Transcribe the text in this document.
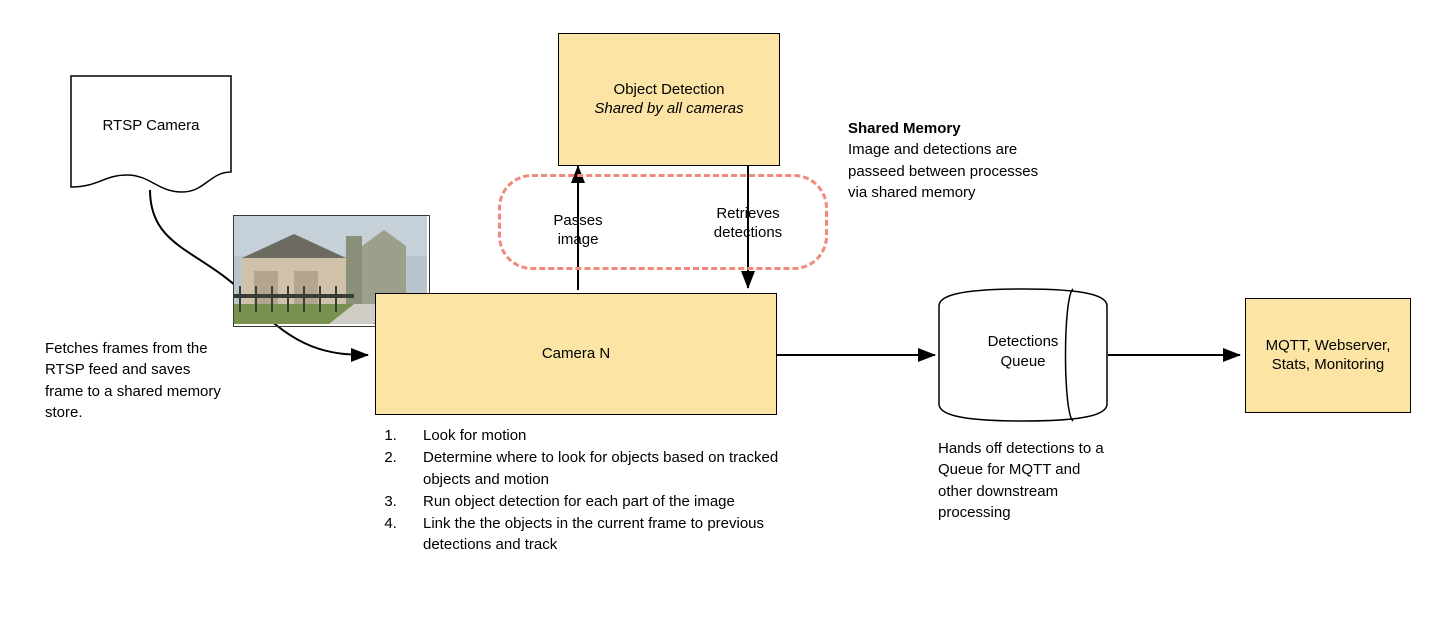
RTSP Camera
Fetches frames from the RTSP feed and saves frame to a shared memory store.
Object Detection
Shared by all cameras
Passes
image
Retrieves
detections
Shared Memory
Image and detections are passeed between processes via shared memory
Camera N
1. Look for motion
2. Determine where to look for objects based on tracked objects and motion
3. Run object detection for each part of the image
4. Link the the objects in the current frame to previous detections and track
Detections
Queue
Hands off detections to a Queue for MQTT and other downstream processing
MQTT, Webserver,
Stats, Monitoring
